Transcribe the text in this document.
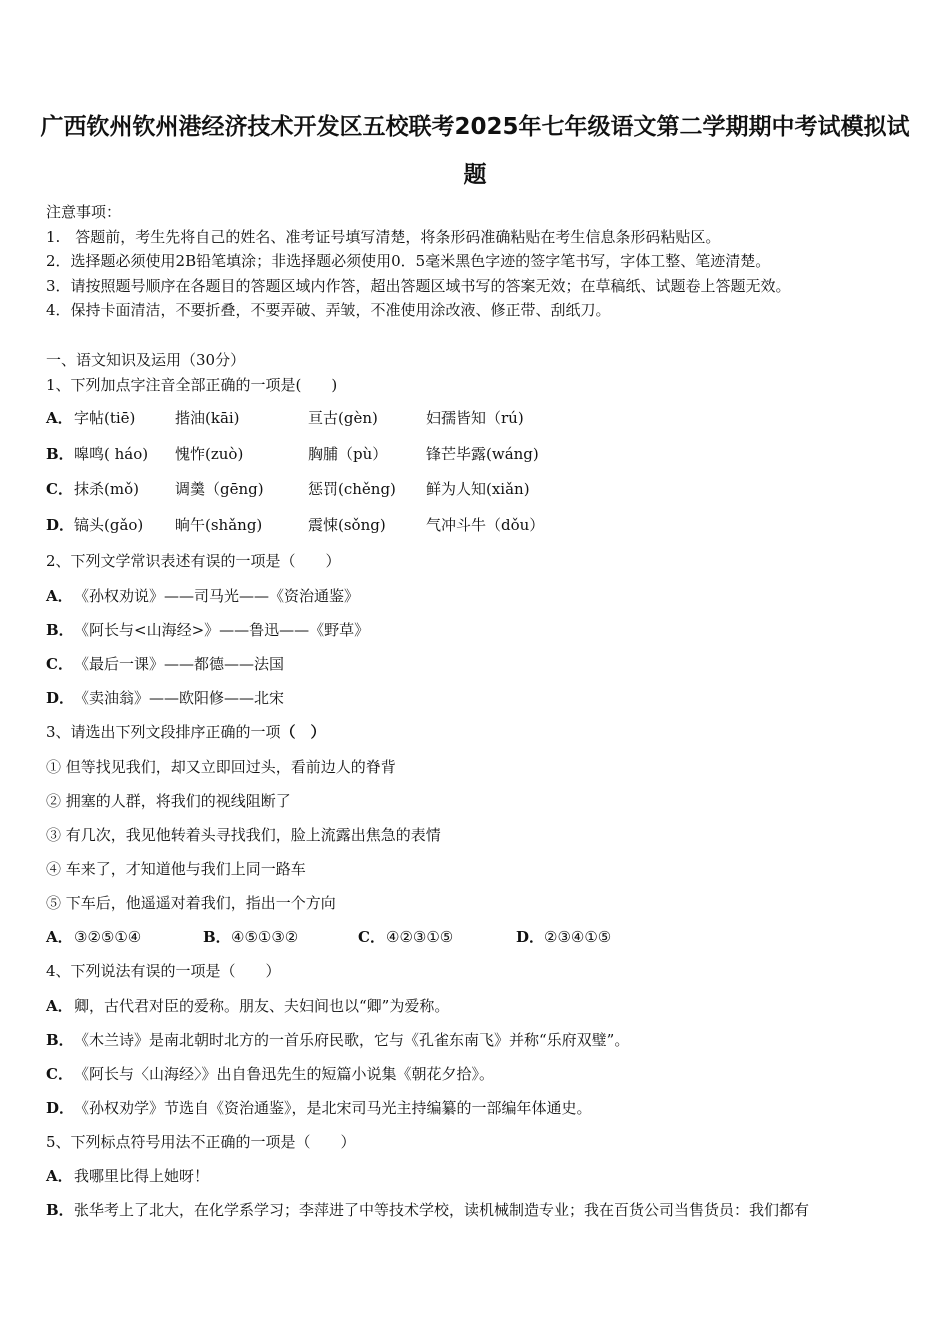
广西钦州钦州港经济技术开发区五校联考2025年七年级语文第二学期期中考试模拟试
题
注意事项：
1.　答题前，考生先将自己的姓名、准考证号填写清楚，将条形码准确粘贴在考生信息条形码粘贴区。
2．选择题必须使用2B铅笔填涂；非选择题必须使用0．5毫米黑色字迹的签字笔书写，字体工整、笔迹清楚。
3．请按照题号顺序在各题目的答题区域内作答，超出答题区域书写的答案无效；在草稿纸、试题卷上答题无效。
4．保持卡面清洁，不要折叠，不要弄破、弄皱，不准使用涂改液、修正带、刮纸刀。
一、语文知识及运用（30分）
1、下列加点字注音全部正确的一项是(　　)
A． 字帖(tiē)	揩油(kāi)	亘古(gèn)	妇孺皆知（rú)
B． 嗥鸣( háo) 愧怍(zuò)	胸脯（pù）	锋芒毕露(wáng)
C． 抹杀(mǒ) 调羹（gēng)	惩罚(chěng) 鲜为人知(xiǎn)
D． 镐头(gǎo) 晌午(shǎng)	震悚(sǒng)	气冲斗牛（dǒu）
2、下列文学常识表述有误的一项是（　　）
A． 《孙权劝说》——司马光——《资治通鉴》
B． 《阿长与<山海经>》——鲁迅——《野草》
C． 《最后一课》——都德——法国
D． 《卖油翁》——欧阳修——北宋
3、请选出下列文段排序正确的一项（　）
① 但等找见我们，却又立即回过头，看前边人的脊背
② 拥塞的人群，将我们的视线阻断了
③ 有几次，我见他转着头寻找我们，脸上流露出焦急的表情
④ 车来了，才知道他与我们上同一路车
⑤ 下车后，他遥遥对着我们，指出一个方向
A． ③②⑤①④	B． ④⑤①③②	C． ④②③①⑤	D． ②③④①⑤
4、下列说法有误的一项是（　　）
A． 卿，古代君对臣的爱称。朋友、夫妇间也以“卿”为爱称。
B． 《木兰诗》是南北朝时北方的一首乐府民歌，它与《孔雀东南飞》并称“乐府双璧”。
C． 《阿长与〈山海经〉》出自鲁迅先生的短篇小说集《朝花夕拾》。
D． 《孙权劝学》节选自《资治通鉴》，是北宋司马光主持编纂的一部编年体通史。
5、下列标点符号用法不正确的一项是（　　）
A． 我哪里比得上她呀！
B． 张华考上了北大，在化学系学习；李萍进了中等技术学校，读机械制造专业；我在百货公司当售货员：我们都有
